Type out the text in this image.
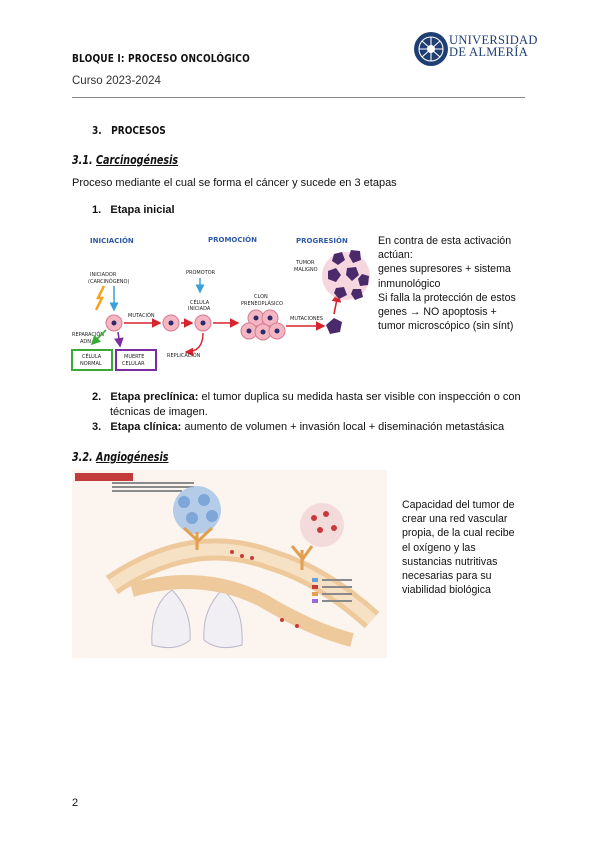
BLOQUE I: PROCESO ONCOLÓGICO
Curso 2023-2024
UNIVERSIDAD
DE ALMERÍA
3. PROCESOS
3.1. Carcinogénesis
Proceso mediante el cual se forma el cáncer y sucede en 3 etapas
1. Etapa inicial
INICIACIÓN	PROMOCIÓN	PROGRESIÓN
INICIADOR
(CARCINÓGENO)
PROMOTOR
CÉLULA
INICIADA
TUMOR
MALIGNO
MUTACIÓN
CLON
PRENEOPLÁSICO
MUTACIONES
REPARACIÓN
ADN
CÉLULA
NORMAL
MUERTE
CELULAR
REPLICACIÓN
En contra de esta activación
actúan:
genes supresores + sistema
inmunológico
Si falla la protección de estos
genes → NO apoptosis +
tumor microscópico (sin sínt)
2. Etapa preclínica: el tumor duplica su medida hasta ser visible con inspección o con
técnicas de imagen.
3. Etapa clínica: aumento de volumen + invasión local + diseminación metastásica
3.2. Angiogénesis
Capacidad del tumor de
crear una red vascular
propia, de la cual recibe
el oxígeno y las
sustancias nutritivas
necesarias para su
viabilidad biológica
2
